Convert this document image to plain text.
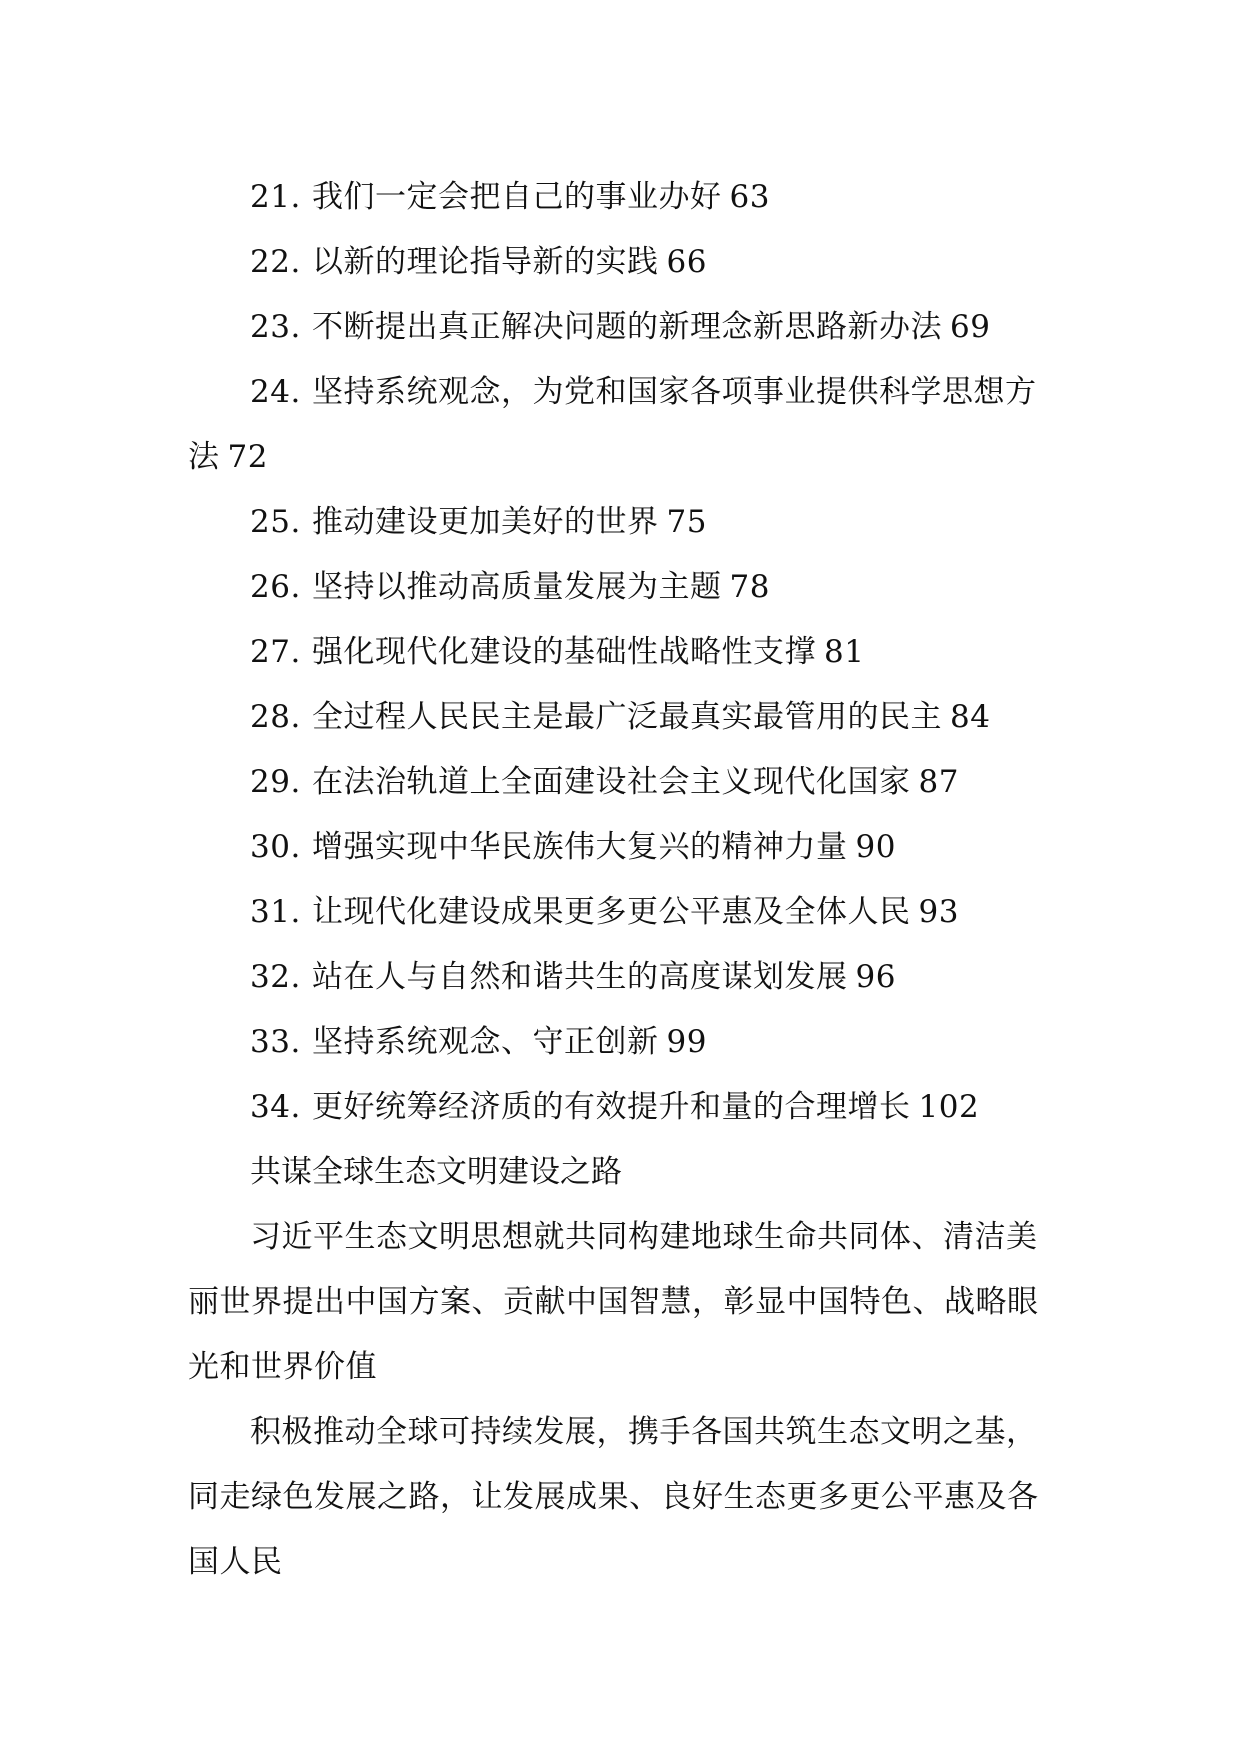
21. 我们一定会把自己的事业办好 63
22. 以新的理论指导新的实践 66
23. 不断提出真正解决问题的新理念新思路新办法 69
24. 坚持系统观念，为党和国家各项事业提供科学思想方法 72
25. 推动建设更加美好的世界 75
26. 坚持以推动高质量发展为主题 78
27. 强化现代化建设的基础性战略性支撑 81
28. 全过程人民民主是最广泛最真实最管用的民主 84
29. 在法治轨道上全面建设社会主义现代化国家 87
30. 增强实现中华民族伟大复兴的精神力量 90
31. 让现代化建设成果更多更公平惠及全体人民 93
32. 站在人与自然和谐共生的高度谋划发展 96
33. 坚持系统观念、守正创新 99
34. 更好统筹经济质的有效提升和量的合理增长 102
共谋全球生态文明建设之路
习近平生态文明思想就共同构建地球生命共同体、清洁美丽世界提出中国方案、贡献中国智慧，彰显中国特色、战略眼光和世界价值
积极推动全球可持续发展，携手各国共筑生态文明之基，同走绿色发展之路，让发展成果、良好生态更多更公平惠及各国人民
